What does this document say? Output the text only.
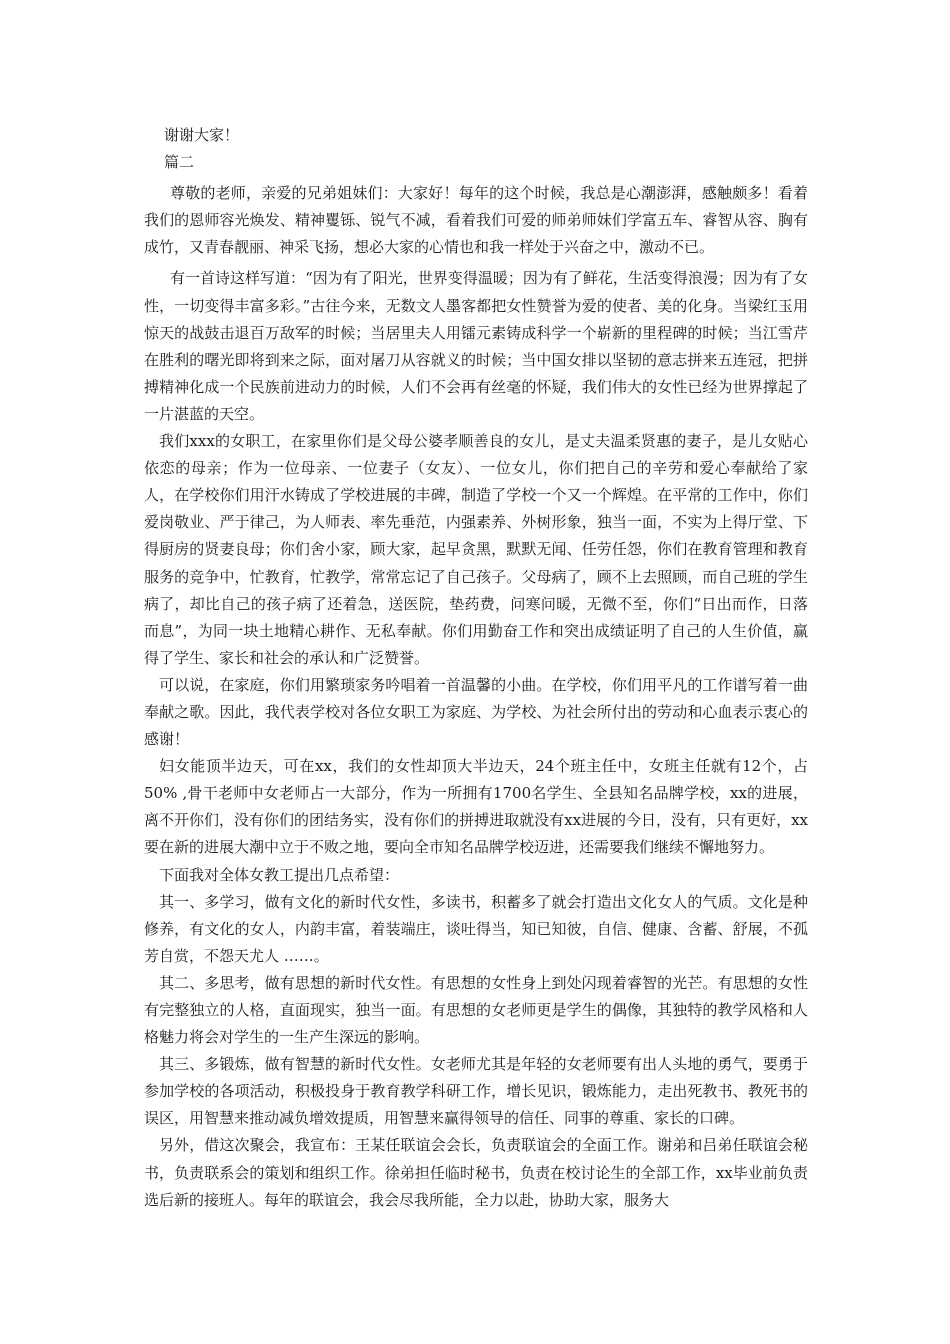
谢谢大家！

篇二

尊敬的老师，亲爱的兄弟姐妹们：大家好！每年的这个时候，我总是心潮澎湃，感触颇多！看着我们的恩师容光焕发、精神矍铄、锐气不减，看着我们可爱的师弟师妹们学富五车、睿智从容、胸有成竹，又青春靓丽、神采飞扬，想必大家的心情也和我一样处于兴奋之中，激动不已。

有一首诗这样写道：“因为有了阳光，世界变得温暖；因为有了鲜花，生活变得浪漫；因为有了女性，一切变得丰富多彩。”古往今来，无数文人墨客都把女性赞誉为爱的使者、美的化身。当梁红玉用惊天的战鼓击退百万敌军的时候；当居里夫人用镭元素铸成科学一个崭新的里程碑的时候；当江雪芹在胜利的曙光即将到来之际，面对屠刀从容就义的时候；当中国女排以坚韧的意志拼来五连冠，把拼搏精神化成一个民族前进动力的时候，人们不会再有丝毫的怀疑，我们伟大的女性已经为世界撑起了一片湛蓝的天空。

我们xxx的女职工，在家里你们是父母公婆孝顺善良的女儿，是丈夫温柔贤惠的妻子，是儿女贴心依恋的母亲；作为一位母亲、一位妻子（女友）、一位女儿，你们把自己的辛劳和爱心奉献给了家人，在学校你们用汗水铸成了学校进展的丰碑，制造了学校一个又一个辉煌。在平常的工作中，你们爱岗敬业、严于律己，为人师表、率先垂范，内强素养、外树形象，独当一面，不实为上得厅堂、下得厨房的贤妻良母；你们舍小家，顾大家，起早贪黑，默默无闻、任劳任怨，你们在教育管理和教育服务的竞争中，忙教育，忙教学，常常忘记了自己孩子。父母病了，顾不上去照顾，而自己班的学生病了，却比自己的孩子病了还着急，送医院，垫药费，问寒问暖，无微不至，你们“日出而作，日落而息”，为同一块土地精心耕作、无私奉献。你们用勤奋工作和突出成绩证明了自己的人生价值，赢得了学生、家长和社会的承认和广泛赞誉。

可以说，在家庭，你们用繁琐家务吟唱着一首温馨的小曲。在学校，你们用平凡的工作谱写着一曲奉献之歌。因此，我代表学校对各位女职工为家庭、为学校、为社会所付出的劳动和心血表示衷心的感谢！

妇女能顶半边天，可在xx，我们的女性却顶大半边天，24个班主任中，女班主任就有12个，占50% ,骨干老师中女老师占一大部分，作为一所拥有1700名学生、全县知名品牌学校，xx的进展，离不开你们，没有你们的团结务实，没有你们的拼搏进取就没有xx进展的今日，没有，只有更好，xx要在新的进展大潮中立于不败之地，要向全市知名品牌学校迈进，还需要我们继续不懈地努力。

下面我对全体女教工提出几点希望：

其一、多学习，做有文化的新时代女性，多读书，积蓄多了就会打造出文化女人的气质。文化是种修养，有文化的女人，内韵丰富，着装端庄，谈吐得当，知已知彼，自信、健康、含蓄、舒展，不孤芳自赏，不怨天尤人 ……。

其二、多思考，做有思想的新时代女性。有思想的女性身上到处闪现着睿智的光芒。有思想的女性有完整独立的人格，直面现实，独当一面。有思想的女老师更是学生的偶像，其独特的教学风格和人格魅力将会对学生的一生产生深远的影响。

其三、多锻炼，做有智慧的新时代女性。女老师尤其是年轻的女老师要有出人头地的勇气，要勇于参加学校的各项活动，积极投身于教育教学科研工作，增长见识，锻炼能力，走出死教书、教死书的误区，用智慧来推动减负增效提质，用智慧来赢得领导的信任、同事的尊重、家长的口碑。

另外，借这次聚会，我宣布：王某任联谊会会长，负责联谊会的全面工作。谢弟和吕弟任联谊会秘书，负责联系会的策划和组织工作。徐弟担任临时秘书，负责在校讨论生的全部工作，xx毕业前负责选后新的接班人。每年的联谊会，我会尽我所能，全力以赴，协助大家，服务大
